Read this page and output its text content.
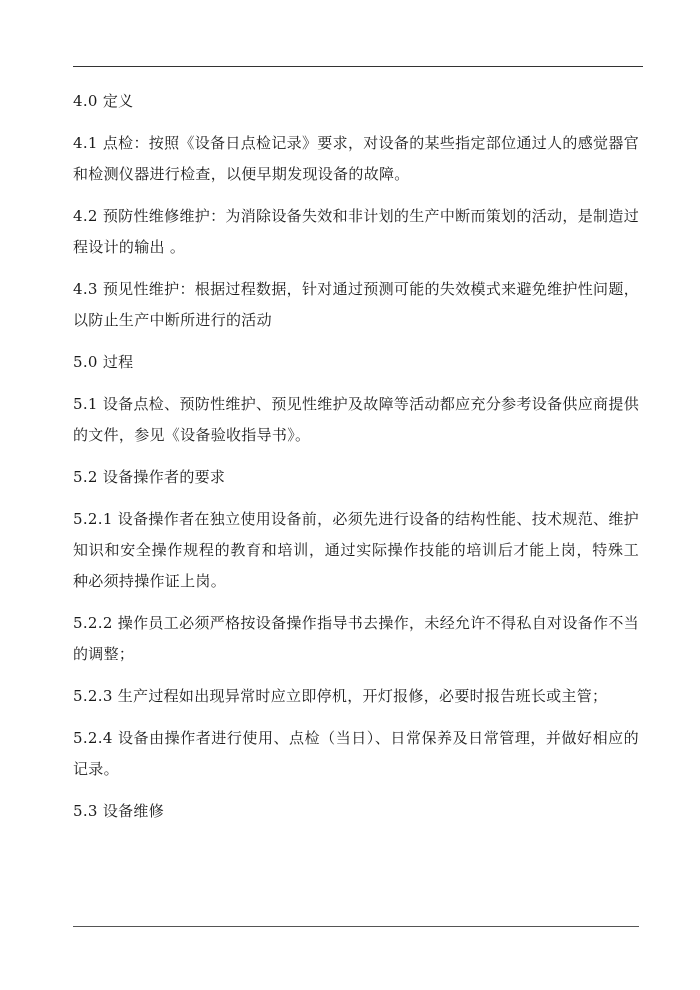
4.0 定义

4.1 点检：按照《设备日点检记录》要求，对设备的某些指定部位通过人的感觉器官和检测仪器进行检查，以便早期发现设备的故障。

4.2 预防性维修维护：为消除设备失效和非计划的生产中断而策划的活动，是制造过程设计的输出 。

4.3 预见性维护：根据过程数据，针对通过预测可能的失效模式来避免维护性问题，以防止生产中断所进行的活动

5.0 过程

5.1 设备点检、预防性维护、预见性维护及故障等活动都应充分参考设备供应商提供的文件，参见《设备验收指导书》。

5.2 设备操作者的要求

5.2.1 设备操作者在独立使用设备前，必须先进行设备的结构性能、技术规范、维护知识和安全操作规程的教育和培训，通过实际操作技能的培训后才能上岗，特殊工种必须持操作证上岗。

5.2.2 操作员工必须严格按设备操作指导书去操作，未经允许不得私自对设备作不当的调整；

5.2.3 生产过程如出现异常时应立即停机，开灯报修，必要时报告班长或主管；

5.2.4 设备由操作者进行使用、点检（当日）、日常保养及日常管理，并做好相应的记录。

5.3 设备维修
